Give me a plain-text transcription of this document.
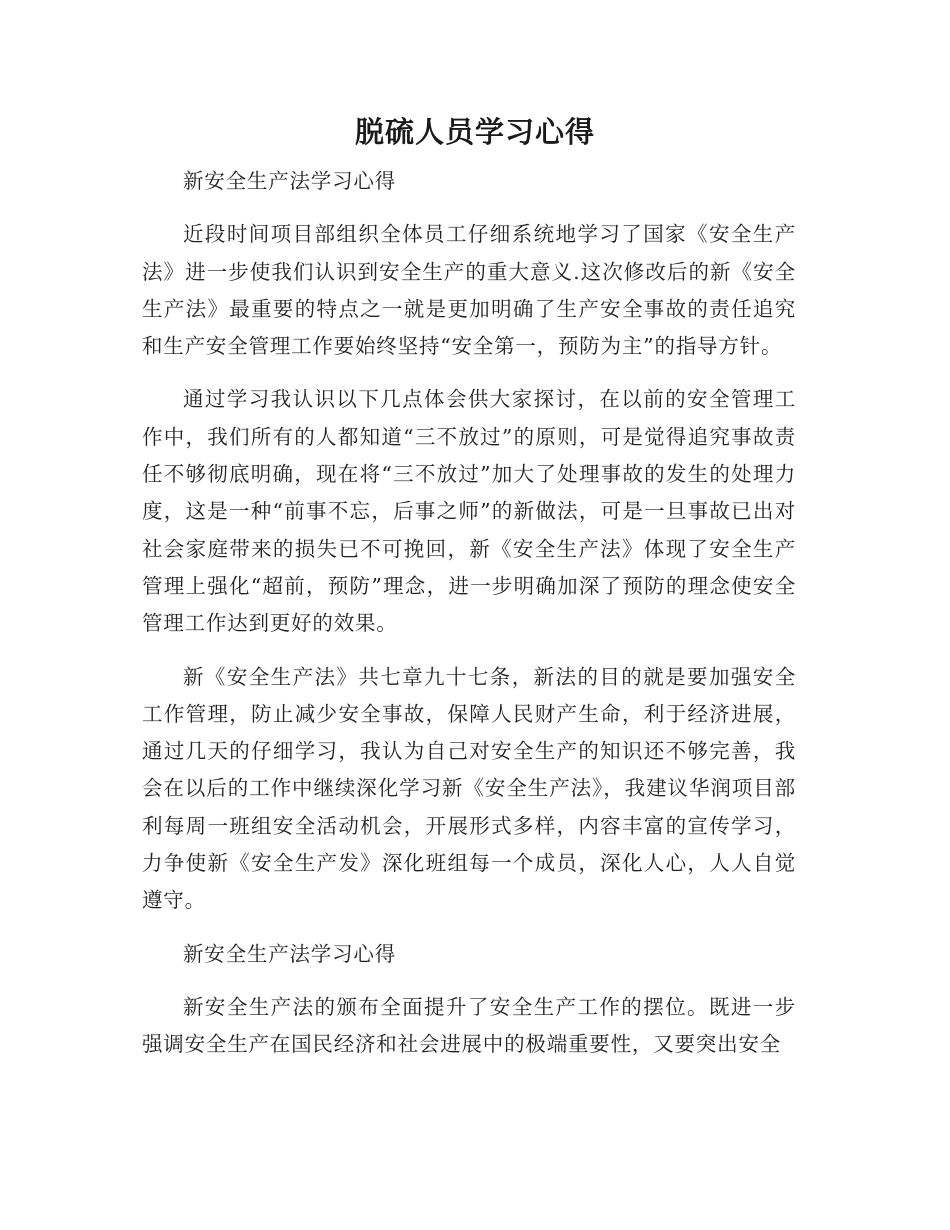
脱硫人员学习心得

新安全生产法学习心得

近段时间项目部组织全体员工仔细系统地学习了国家《安全生产法》进一步使我们认识到安全生产的重大意义.这次修改后的新《安全生产法》最重要的特点之一就是更加明确了生产安全事故的责任追究和生产安全管理工作要始终坚持“安全第一，预防为主”的指导方针。

通过学习我认识以下几点体会供大家探讨，在以前的安全管理工作中，我们所有的人都知道“三不放过”的原则，可是觉得追究事故责任不够彻底明确，现在将“三不放过”加大了处理事故的发生的处理力度，这是一种“前事不忘，后事之师”的新做法，可是一旦事故已出对社会家庭带来的损失已不可挽回，新《安全生产法》体现了安全生产管理上强化“超前，预防”理念，进一步明确加深了预防的理念使安全管理工作达到更好的效果。

新《安全生产法》共七章九十七条，新法的目的就是要加强安全工作管理，防止减少安全事故，保障人民财产生命，利于经济进展，通过几天的仔细学习，我认为自己对安全生产的知识还不够完善，我会在以后的工作中继续深化学习新《安全生产法》，我建议华润项目部利每周一班组安全活动机会，开展形式多样，内容丰富的宣传学习，力争使新《安全生产发》深化班组每一个成员，深化人心，人人自觉遵守。

新安全生产法学习心得

新安全生产法的颁布全面提升了安全生产工作的摆位。既进一步强调安全生产在国民经济和社会进展中的极端重要性，又要突出安全
